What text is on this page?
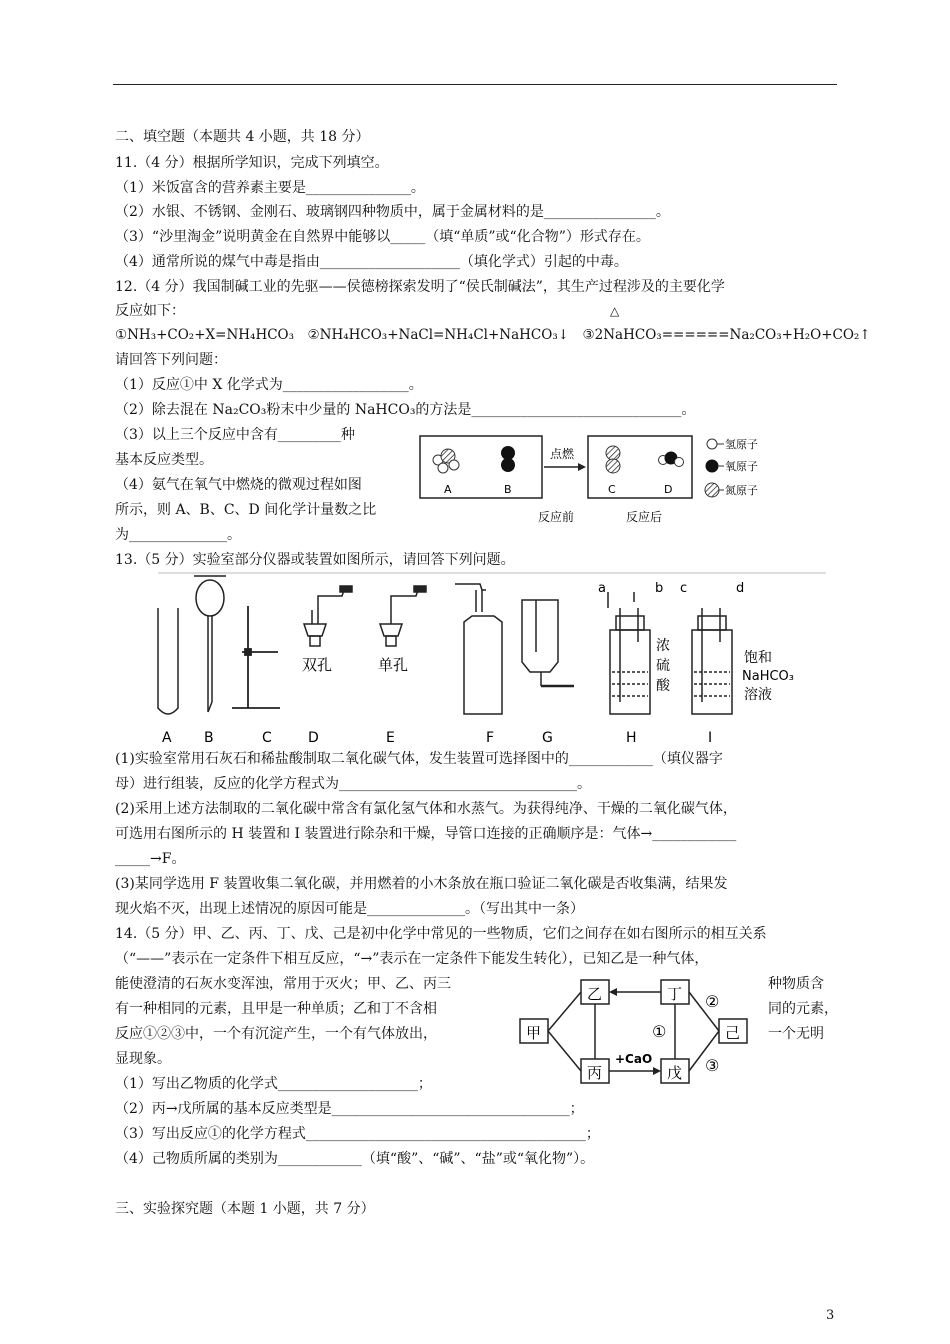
二、填空题（本题共 4 小题，共 18 分）
11.（4 分）根据所学知识，完成下列填空。
（1）米饭富含的营养素主要是_______________。
（2）水银、不锈钢、金刚石、玻璃钢四种物质中，属于金属材料的是________________。
（3）“沙里淘金”说明黄金在自然界中能够以_____（填“单质”或“化合物”）形式存在。
（4）通常所说的煤气中毒是指由____________________（填化学式）引起的中毒。
12.（4 分）我国制碱工业的先驱——侯德榜探索发明了“侯氏制碱法”，其生产过程涉及的主要化学
反应如下：	△
①NH₃+CO₂+X=NH₄HCO₃　②NH₄HCO₃+NaCl=NH₄Cl+NaHCO₃↓　③2NaHCO₃======Na₂CO₃+H₂O+CO₂↑
请回答下列问题：
（1）反应①中 X 化学式为__________________。
（2）除去混在 Na₂CO₃粉末中少量的 NaHCO₃的方法是______________________________。
（3）以上三个反应中含有_________种
基本反应类型。
（4）氨气在氧气中燃烧的微观过程如图
所示，则 A、B、C、D 间化学计量数之比
为______________。
A	B
反应前
点燃
C	D
反应后
氢原子
氧原子
氮原子
13.（5 分）实验室部分仪器或装置如图所示，请回答下列问题。
双孔	单孔
a	b
浓
硫
酸
c	d
饱和
NaHCO₃
溶液
A B	C	D	E	F	G	H	I
(1)实验室常用石灰石和稀盐酸制取二氧化碳气体，发生装置可选择图中的____________（填仪器字
母）进行组装，反应的化学方程式为__________________________________。
(2)采用上述方法制取的二氧化碳中常含有氯化氢气体和水蒸气。为获得纯净、干燥的二氧化碳气体，
可选用右图所示的 H 装置和 I 装置进行除杂和干燥，导管口连接的正确顺序是：气体→____________
_____→F。
(3)某同学选用 F 装置收集二氧化碳，并用燃着的小木条放在瓶口验证二氧化碳是否收集满，结果发
现火焰不灭，出现上述情况的原因可能是______________。（写出其中一条）
14.（5 分）甲、乙、丙、丁、戊、己是初中化学中常见的一些物质，它们之间存在如右图所示的相互关系
（“——”表示在一定条件下相互反应，“→”表示在一定条件下能发生转化），已知乙是一种气体，
能使澄清的石灰水变浑浊，常用于灭火；甲、乙、丙三	种物质含
有一种相同的元素，且甲是一种单质；乙和丁不含相	同的元素，
反应①②③中，一个有沉淀产生，一个有气体放出，	一个无明
显现象。
乙	丁
甲	己
丙	戊
①
②
③
+CaO
（1）写出乙物质的化学式____________________；
（2）丙→戊所属的基本反应类型是__________________________________；
（3）写出反应①的化学方程式________________________________________；
（4）己物质所属的类别为____________（填“酸”、“碱”、“盐”或“氧化物”）。
三、实验探究题（本题 1 小题，共 7 分）
3
